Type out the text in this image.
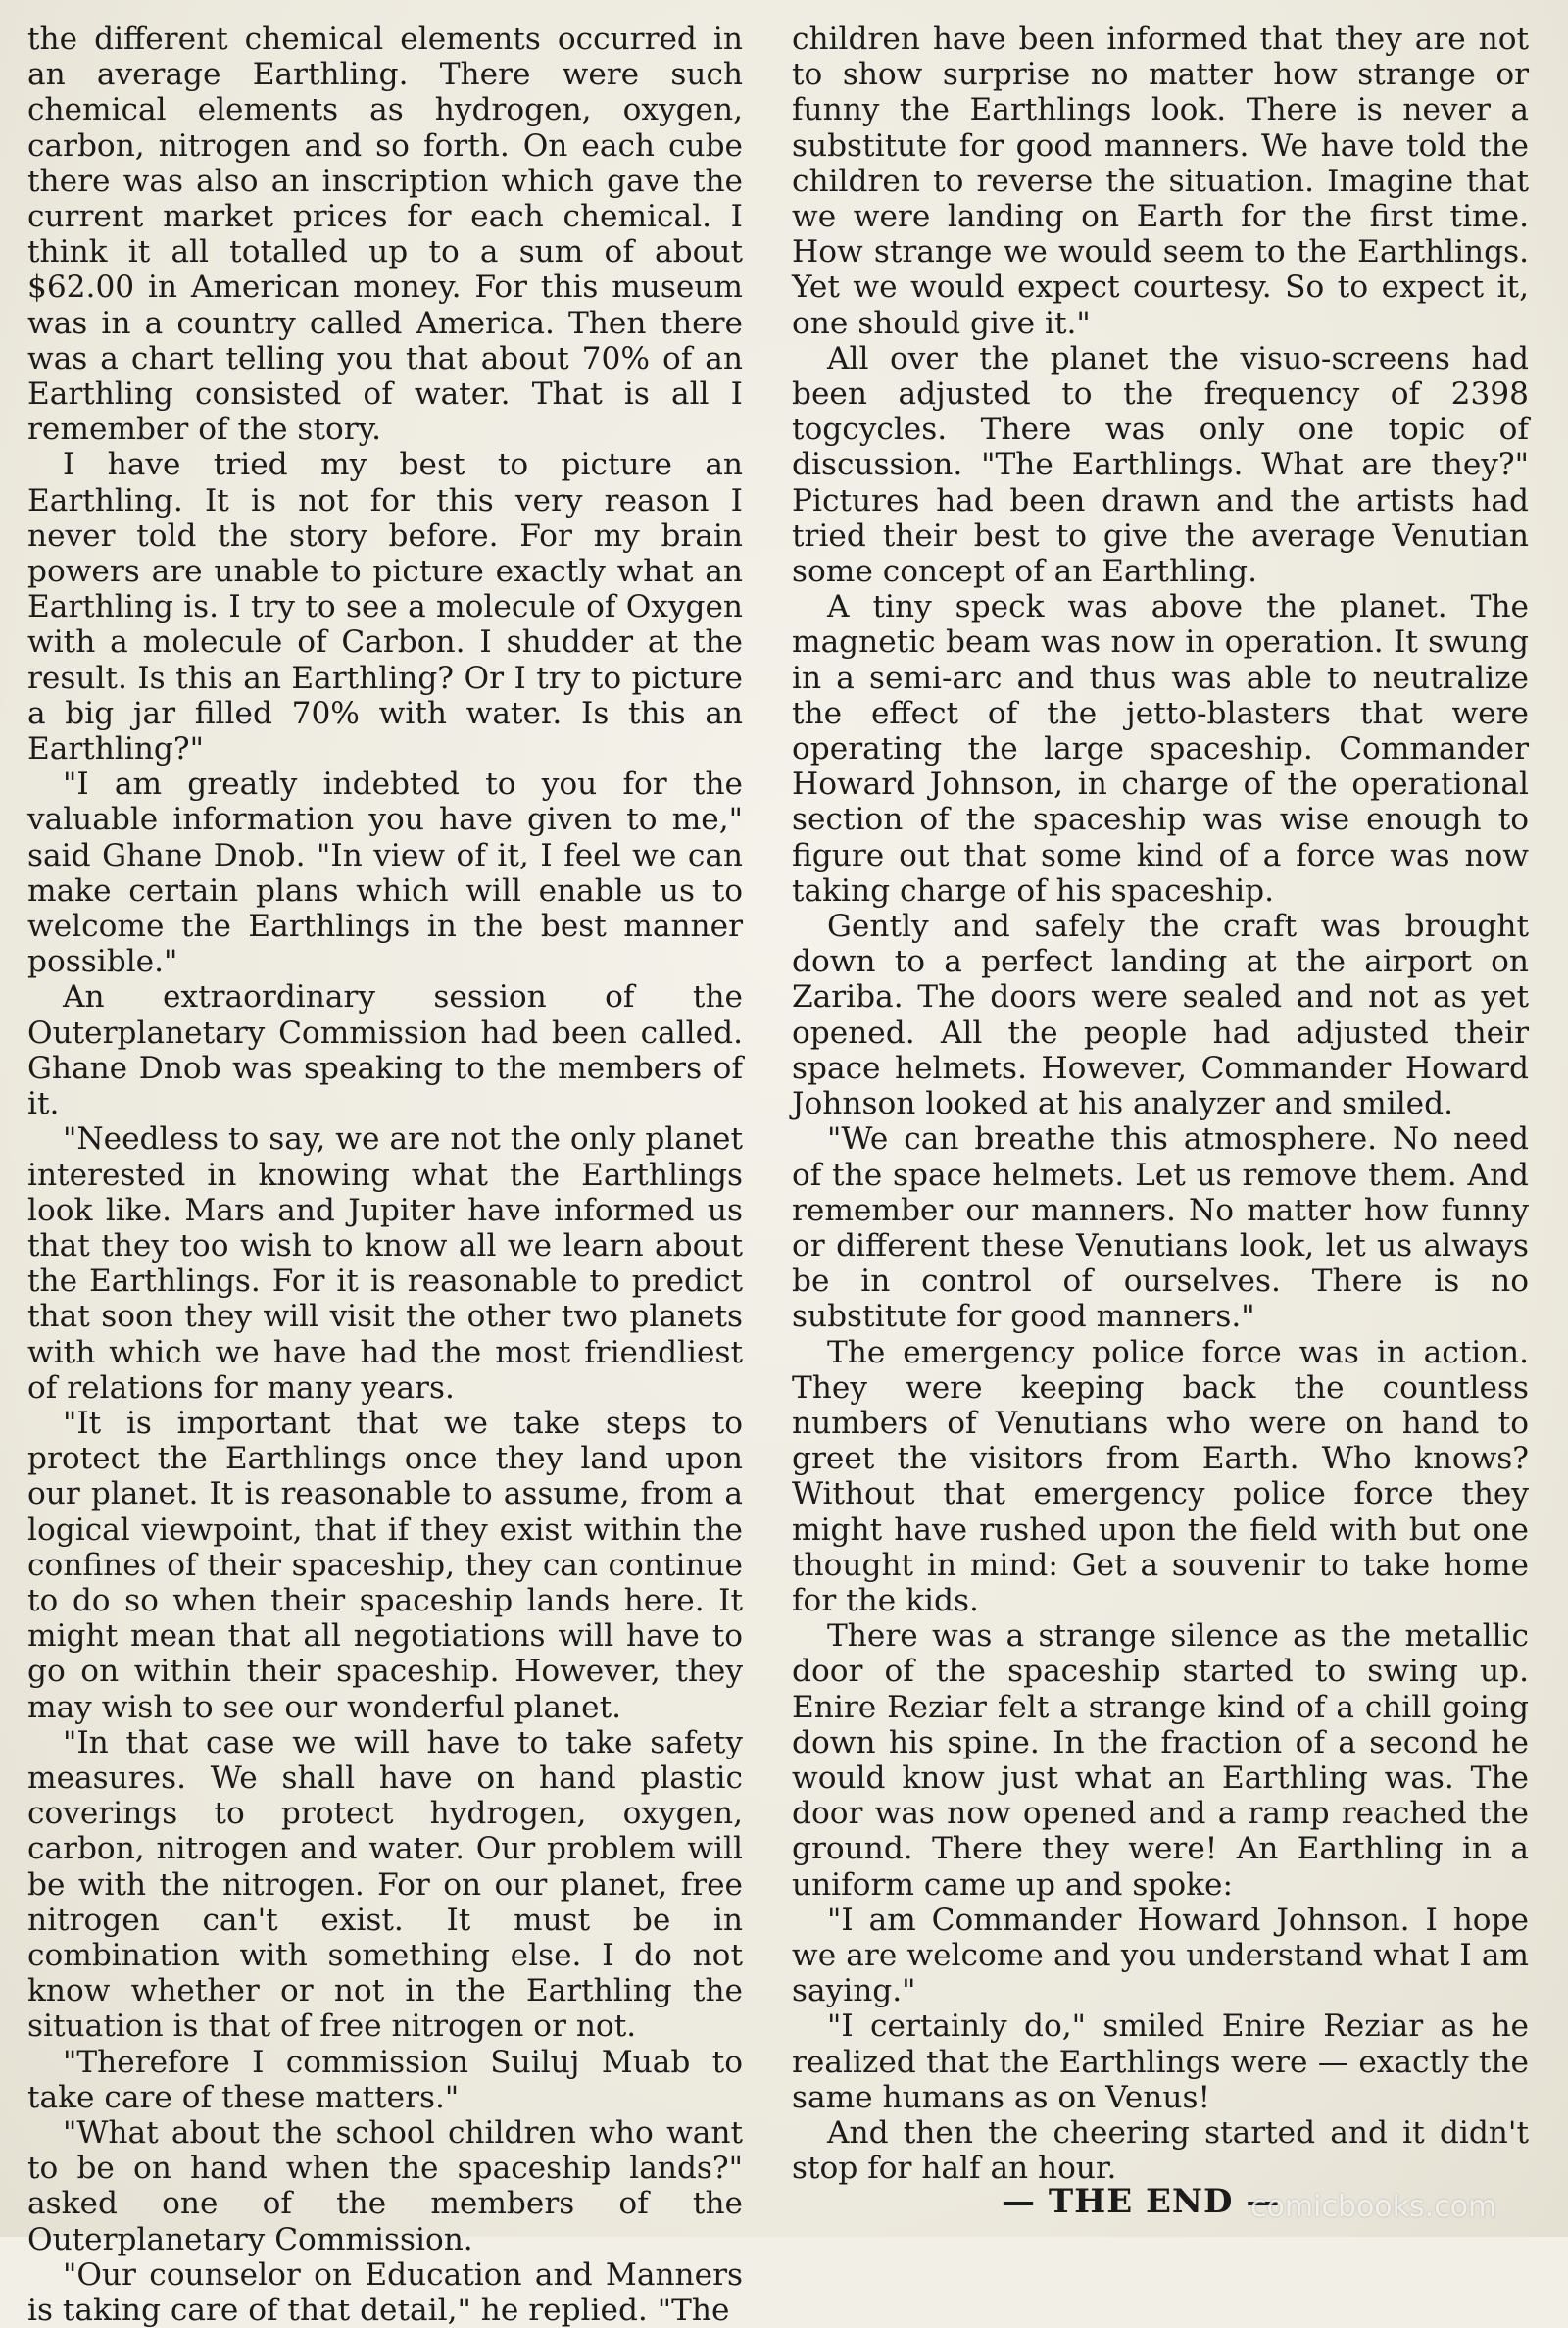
the different chemical elements occurred in an average Earthling. There were such chemical elements as hydrogen, oxygen, carbon, nitrogen and so forth. On each cube there was also an inscription which gave the current market prices for each chemical. I think it all totalled up to a sum of about $62.00 in American money. For this museum was in a country called America. Then there was a chart telling you that about 70% of an Earthling consisted of water. That is all I remember of the story.

I have tried my best to picture an Earthling. It is not for this very reason I never told the story before. For my brain powers are unable to picture exactly what an Earthling is. I try to see a molecule of Oxygen with a molecule of Carbon. I shudder at the result. Is this an Earthling? Or I try to picture a big jar filled 70% with water. Is this an Earthling?"

"I am greatly indebted to you for the valuable information you have given to me," said Ghane Dnob. "In view of it, I feel we can make certain plans which will enable us to welcome the Earthlings in the best manner possible."

An extraordinary session of the Outerplanetary Commission had been called. Ghane Dnob was speaking to the members of it.

"Needless to say, we are not the only planet interested in knowing what the Earthlings look like. Mars and Jupiter have informed us that they too wish to know all we learn about the Earthlings. For it is reasonable to predict that soon they will visit the other two planets with which we have had the most friendliest of relations for many years.

"It is important that we take steps to protect the Earthlings once they land upon our planet. It is reasonable to assume, from a logical viewpoint, that if they exist within the confines of their spaceship, they can continue to do so when their spaceship lands here. It might mean that all negotiations will have to go on within their spaceship. However, they may wish to see our wonderful planet.

"In that case we will have to take safety measures. We shall have on hand plastic coverings to protect hydrogen, oxygen, carbon, nitrogen and water. Our problem will be with the nitrogen. For on our planet, free nitrogen can't exist. It must be in combination with something else. I do not know whether or not in the Earthling the situation is that of free nitrogen or not.

"Therefore I commission Suiluj Muab to take care of these matters."

"What about the school children who want to be on hand when the spaceship lands?" asked one of the members of the Outerplanetary Commission.

"Our counselor on Education and Manners is taking care of that detail," he replied. "The

children have been informed that they are not to show surprise no matter how strange or funny the Earthlings look. There is never a substitute for good manners. We have told the children to reverse the situation. Imagine that we were landing on Earth for the first time. How strange we would seem to the Earthlings. Yet we would expect courtesy. So to expect it, one should give it."

All over the planet the visuo-screens had been adjusted to the frequency of 2398 togcycles. There was only one topic of discussion. "The Earthlings. What are they?" Pictures had been drawn and the artists had tried their best to give the average Venutian some concept of an Earthling.

A tiny speck was above the planet. The magnetic beam was now in operation. It swung in a semi-arc and thus was able to neutralize the effect of the jetto-blasters that were operating the large spaceship. Commander Howard Johnson, in charge of the operational section of the spaceship was wise enough to figure out that some kind of a force was now taking charge of his spaceship.

Gently and safely the craft was brought down to a perfect landing at the airport on Zariba. The doors were sealed and not as yet opened. All the people had adjusted their space helmets. However, Commander Howard Johnson looked at his analyzer and smiled.

"We can breathe this atmosphere. No need of the space helmets. Let us remove them. And remember our manners. No matter how funny or different these Venutians look, let us always be in control of ourselves. There is no substitute for good manners."

The emergency police force was in action. They were keeping back the countless numbers of Venutians who were on hand to greet the visitors from Earth. Who knows? Without that emergency police force they might have rushed upon the field with but one thought in mind: Get a souvenir to take home for the kids.

There was a strange silence as the metallic door of the spaceship started to swing up. Enire Reziar felt a strange kind of a chill going down his spine. In the fraction of a second he would know just what an Earthling was. The door was now opened and a ramp reached the ground. There they were! An Earthling in a uniform came up and spoke:

"I am Commander Howard Johnson. I hope we are welcome and you understand what I am saying."

"I certainly do," smiled Enire Reziar as he realized that the Earthlings were — exactly the same humans as on Venus!

And then the cheering started and it didn't stop for half an hour.

— THE END —
comicbooks.com
